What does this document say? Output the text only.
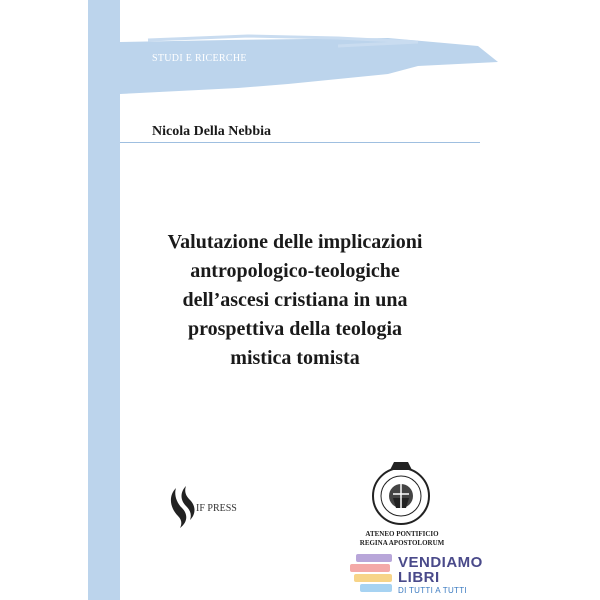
STUDI E RICERCHE
Nicola Della Nebbia
Valutazione delle implicazioni
antropologico-teologiche
dell’ascesi cristiana in una
prospettiva della teologia
mistica tomista
IF PRESS
ATENEO PONTIFICIO
REGINA APOSTOLORUM
VENDIAMO
LIBRI
DI TUTTI A TUTTI
